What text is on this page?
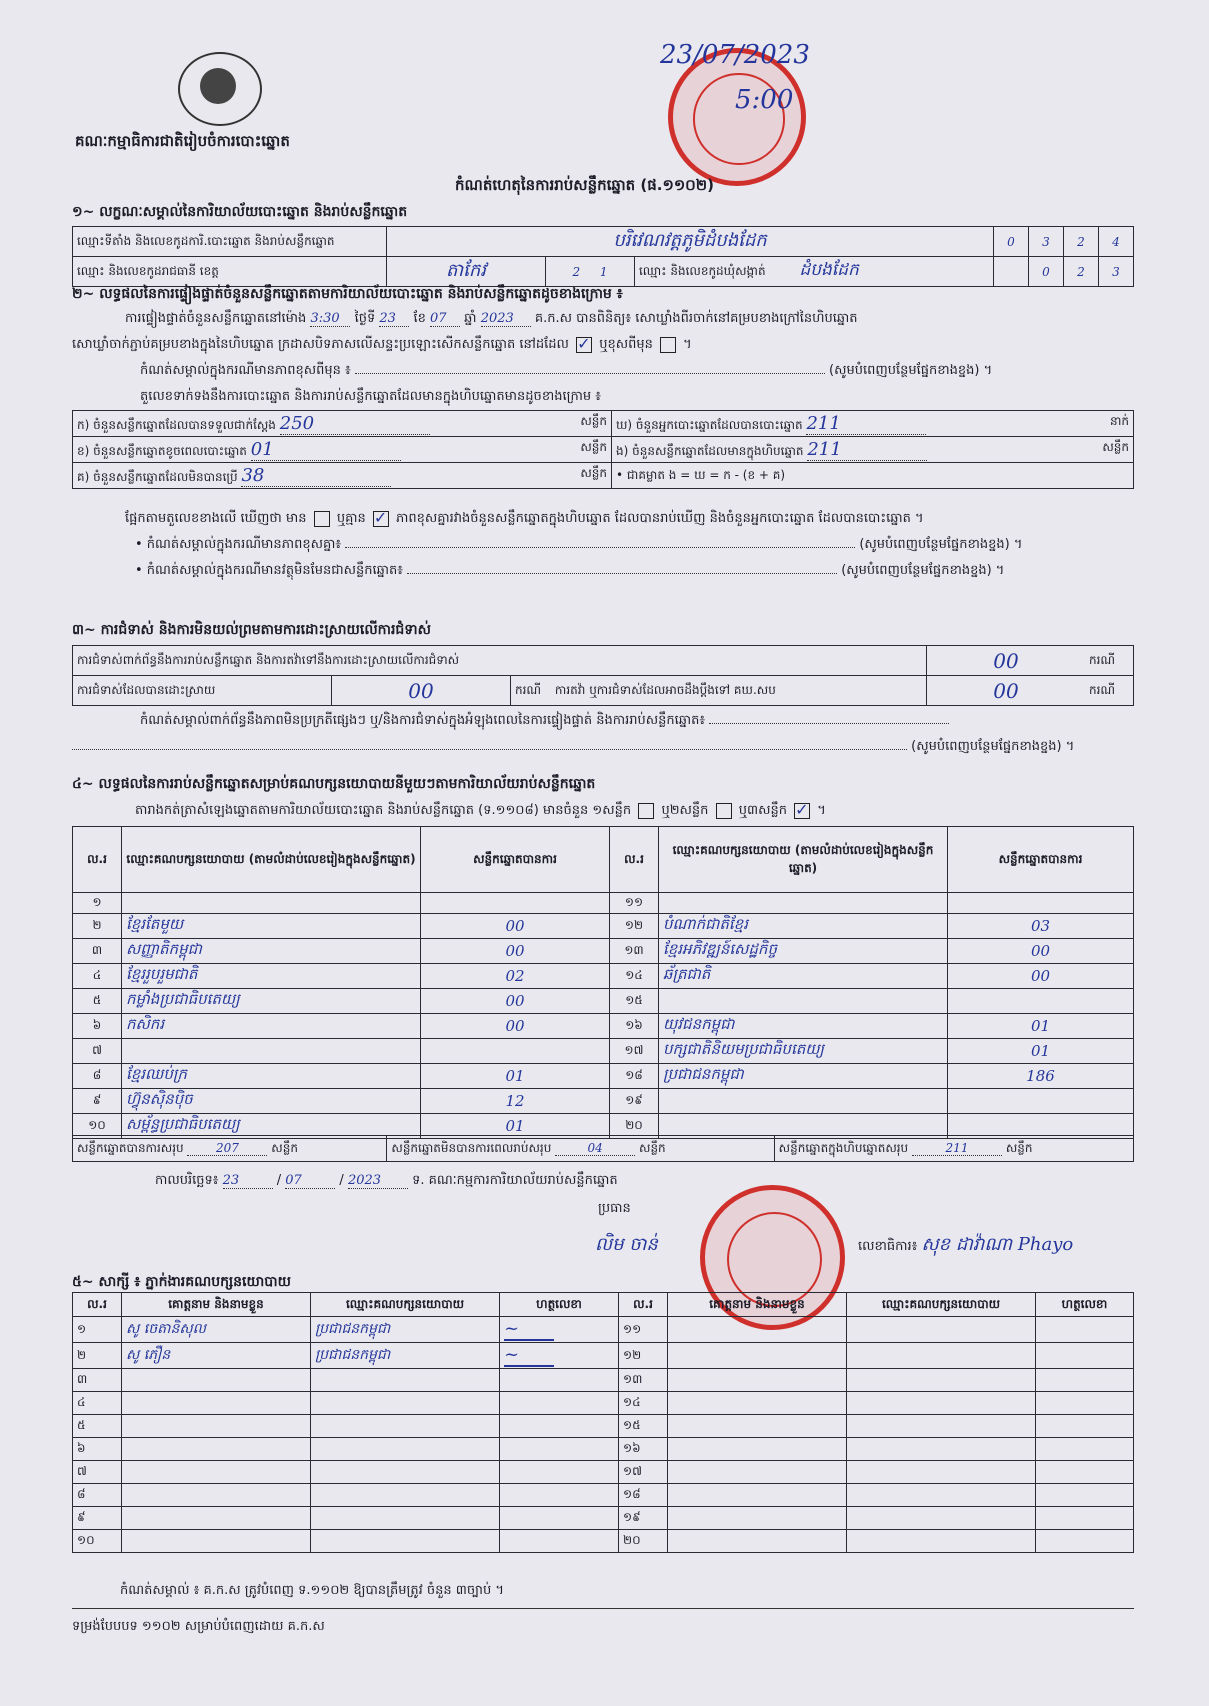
គណៈកម្មាធិការជាតិរៀបចំការបោះឆ្នោត
23/07/2023
5:00
កំណត់ហេតុនៃការរាប់សន្លឹកឆ្នោត (ផ.១១០២)
១~ លក្ខណៈសម្គាល់នៃការិយាល័យបោះឆ្នោត និងរាប់សន្លឹកឆ្នោត
ឈ្មោះទីតាំង និងលេខកូដការិ.បោះឆ្នោត និងរាប់សន្លឹកឆ្នោត	បរិវេណវត្តភូមិដំបងដែក			0	3	2	4
ឈ្មោះ និងលេខកូដរាជធានី ខេត្ត	តាកែវ	2 1	ឈ្មោះ និងលេខកូដឃុំសង្កាត់ ដំបងដែក		0	2	3
២~ លទ្ធផលនៃការផ្ទៀងផ្ទាត់ចំនួនសន្លឹកឆ្នោតតាមការិយាល័យបោះឆ្នោត និងរាប់សន្លឹកឆ្នោតដូចខាងក្រោម ៖
ការផ្ទៀងផ្ទាត់ចំនួនសន្លឹកឆ្នោតនៅម៉ោង 3:30 ថ្ងៃទី 23 ខែ 07 ឆ្នាំ 2023 គ.ក.ស បានពិនិត្យ៖ សោឃ្លាំងពីរចាក់នៅគម្របខាងក្រៅនៃហិបឆ្នោត
សោឃ្លាំចាក់ភ្ជាប់គម្របខាងក្នុងនៃហិបឆ្នោត ក្រដាសបិទភាសលើសន្ទះប្រឡោះសើកសន្លឹកឆ្នោត នៅដដែល ✓ ឬខុសពីមុន  ។
កំណត់សម្គាល់ក្នុងករណីមានភាពខុសពីមុន ៖	(សូមបំពេញបន្ថែមផ្នែកខាងខ្នង) ។
តួលេខទាក់ទងនឹងការបោះឆ្នោត និងការរាប់សន្លឹកឆ្នោតដែលមានក្នុងហិបឆ្នោតមានដូចខាងក្រោម ៖
ក) ចំនួនសន្លឹកឆ្នោតដែលបានទទួលជាក់ស្តែង 250 សន្លឹក	ឃ) ចំនួនអ្នកបោះឆ្នោតដែលបានបោះឆ្នោត 211 នាក់

ខ) ចំនួនសន្លឹកឆ្នោតខូចពេលបោះឆ្នោត 01 សន្លឹក	ង) ចំនួនសន្លឹកឆ្នោតដែលមានក្នុងហិបឆ្នោត 211 សន្លឹក

គ) ចំនួនសន្លឹកឆ្នោតដែលមិនបានប្រើ 38 សន្លឹក	• ជាគម្លាត ង = ឃ = ក - (ខ + គ)
ផ្អែកតាមតួលេខខាងលើ ឃើញថា មាន ឬគ្មាន ✓ ភាពខុសគ្នារវាងចំនួនសន្លឹកឆ្នោតក្នុងហិបឆ្នោត ដែលបានរាប់ឃើញ និងចំនួនអ្នកបោះឆ្នោត ដែលបានបោះឆ្នោត ។
• កំណត់សម្គាល់ក្នុងករណីមានភាពខុសគ្នា៖	(សូមបំពេញបន្ថែមផ្នែកខាងខ្នង) ។
• កំណត់សម្គាល់ក្នុងករណីមានវត្ថុមិនមែនជាសន្លឹកឆ្នោត៖	(សូមបំពេញបន្ថែមផ្នែកខាងខ្នង) ។
៣~ ការជំទាស់ និងការមិនយល់ព្រមតាមការដោះស្រាយលើការជំទាស់
ការជំទាស់ពាក់ព័ន្ធនឹងការរាប់សន្លឹកឆ្នោត និងការតវ៉ាទៅនឹងការដោះស្រាយលើការជំទាស់			00	ករណី
ការជំទាស់ដែលបានដោះស្រាយ	00	ករណី ការតវ៉ា ឬការជំទាស់ដែលអាចដឹងប្តឹងទៅ គឃ.សប	00	ករណី
កំណត់សម្គាល់ពាក់ព័ន្ធនឹងភាពមិនប្រក្រតីផ្សេងៗ ឬ/និងការជំទាស់ក្នុងអំឡុងពេលនៃការផ្ទៀងផ្ទាត់ និងការរាប់សន្លឹកឆ្នោត៖
(សូមបំពេញបន្ថែមផ្នែកខាងខ្នង) ។
៤~ លទ្ធផលនៃការរាប់សន្លឹកឆ្នោតសម្រាប់គណបក្សនយោបាយនីមួយៗតាមការិយាល័យរាប់សន្លឹកឆ្នោត
តារាងកត់ត្រាសំឡេងឆ្នោតតាមការិយាល័យបោះឆ្នោត និងរាប់សន្លឹកឆ្នោត (ទ.១១០៨) មានចំនួន ១សន្លឹក ឬ២សន្លឹក ឬ៣សន្លឹក ✓ ។
ល.រ	ឈ្មោះគណបក្សនយោបាយ (តាមលំដាប់លេខរៀងក្នុងសន្លឹកឆ្នោត)	សន្លឹកឆ្នោតបានការ	ល.រ	ឈ្មោះគណបក្សនយោបាយ (តាមលំដាប់លេខរៀងក្នុងសន្លឹកឆ្នោត)	សន្លឹកឆ្នោតបានការ
១			១១		
២	ខ្មែរតែមួយ	00	១២	បំណាក់ជាតិខ្មែរ	03
៣	សញ្ញាតិកម្ពុជា	00	១៣	ខ្មែរអភិវឌ្ឍន៍សេដ្ឋកិច្ច	00
៤	ខ្មែររួបរួមជាតិ	02	១៤	ឆ័ត្រជាតិ	00
៥	កម្លាំងប្រជាធិបតេយ្យ	00	១៥		
៦	កសិករ	00	១៦	យុវជនកម្ពុជា	01
៧			១៧	បក្សជាតិនិយមប្រជាធិបតេយ្យ	01
៨	ខ្មែរឈប់ក្រ	01	១៨	ប្រជាជនកម្ពុជា	186
៩	ហ៊្វុនស៊ិនប៉ិច	12	១៩		
១០	សម្ព័ន្ធប្រជាធិបតេយ្យ	01	២០		
សន្លឹកឆ្នោតបានការសរុប	207	សន្លឹក	សន្លឹកឆ្នោតមិនបានការពេលរាប់សរុប	04	សន្លឹក	សន្លឹកឆ្នោតក្នុងហិបឆ្នោតសរុប	211	សន្លឹក
កាលបរិច្ឆេទ៖ 23	/ 07	/ 2023 ទ. គណៈកម្មការការិយាល័យរាប់សន្លឹកឆ្នោត
ប្រធាន
លិម ចាន់	លេខាធិការ៖ សុខ ដាវ៉ាណា Phayo
៥~ សាក្សី ៖ ភ្នាក់ងារគណបក្សនយោបាយ
ល.រ	គោត្តនាម និងនាមខ្លួន	ឈ្មោះគណបក្សនយោបាយ	ហត្ថលេខា	ល.រ	គោត្តនាម និងនាមខ្លួន	ឈ្មោះគណបក្សនយោបាយ	ហត្ថលេខា
១	សូ ចេតានិសុល	ប្រជាជនកម្ពុជា	⁠~⁠	១១			
២	សូ ភឿន	ប្រជាជនកម្ពុជា	⁠~⁠	១២			
៣				១៣			
៤				១៤			
៥				១៥			
៦				១៦			
៧				១៧			
៨				១៨			
៩				១៩			
១០				២០			
កំណត់សម្គាល់ ៖ គ.ក.ស ត្រូវបំពេញ ទ.១១០២ ឱ្យបានត្រឹមត្រូវ ចំនួន ៣ច្បាប់ ។
ទម្រង់បែបបទ ១១០២ សម្រាប់បំពេញដោយ គ.ក.ស
